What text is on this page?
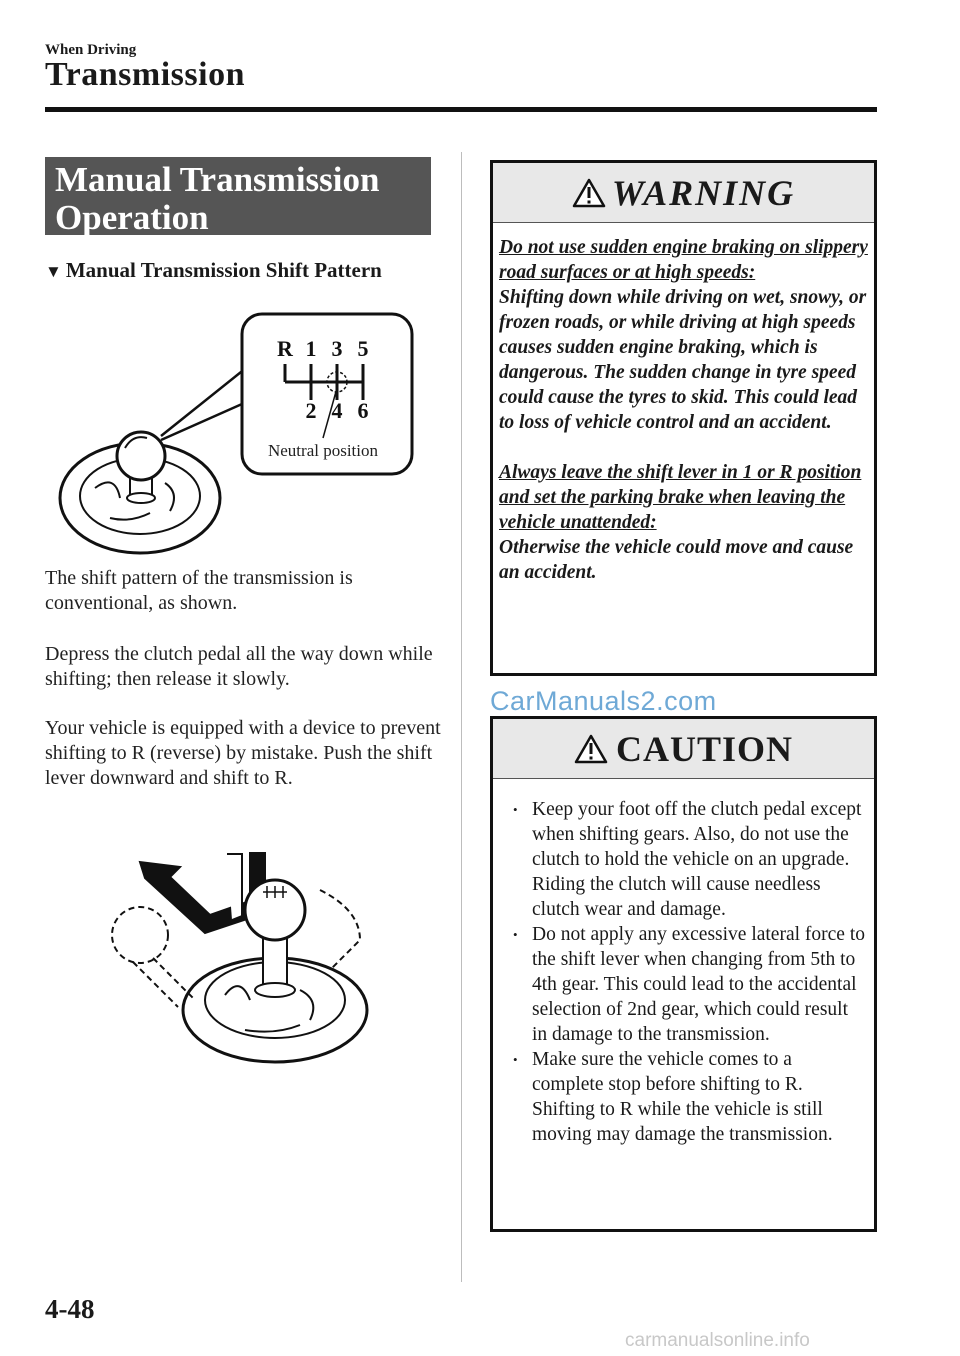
When Driving
Transmission
Manual Transmission
Operation
▼ Manual Transmission Shift Pattern
R 1 3 5
2 4 6
Neutral position
The shift pattern of the transmission is conventional, as shown.
Depress the clutch pedal all the way down while shifting; then release it slowly.
Your vehicle is equipped with a device to prevent shifting to R (reverse) by mistake. Push the shift lever downward and shift to R.
WARNING

Do not use sudden engine braking on slippery road surfaces or at high speeds:

Shifting down while driving on wet, snowy, or frozen roads, or while driving at high speeds causes sudden engine braking, which is dangerous. The sudden change in tyre speed could cause the tyres to skid. This could lead to loss of vehicle control and an accident.

Always leave the shift lever in 1 or R position and set the parking brake when leaving the vehicle unattended:

Otherwise the vehicle could move and cause an accident.

CarManuals2.com
CAUTION
• Keep your foot off the clutch pedal except when shifting gears. Also, do not use the clutch to hold the vehicle on an upgrade. Riding the clutch will cause needless clutch wear and damage.
• Do not apply any excessive lateral force to the shift lever when changing from 5th to 4th gear. This could lead to the accidental selection of 2nd gear, which could result in damage to the transmission.
• Make sure the vehicle comes to a complete stop before shifting to R. Shifting to R while the vehicle is still moving may damage the transmission.
4-48
carmanualsonline.info
